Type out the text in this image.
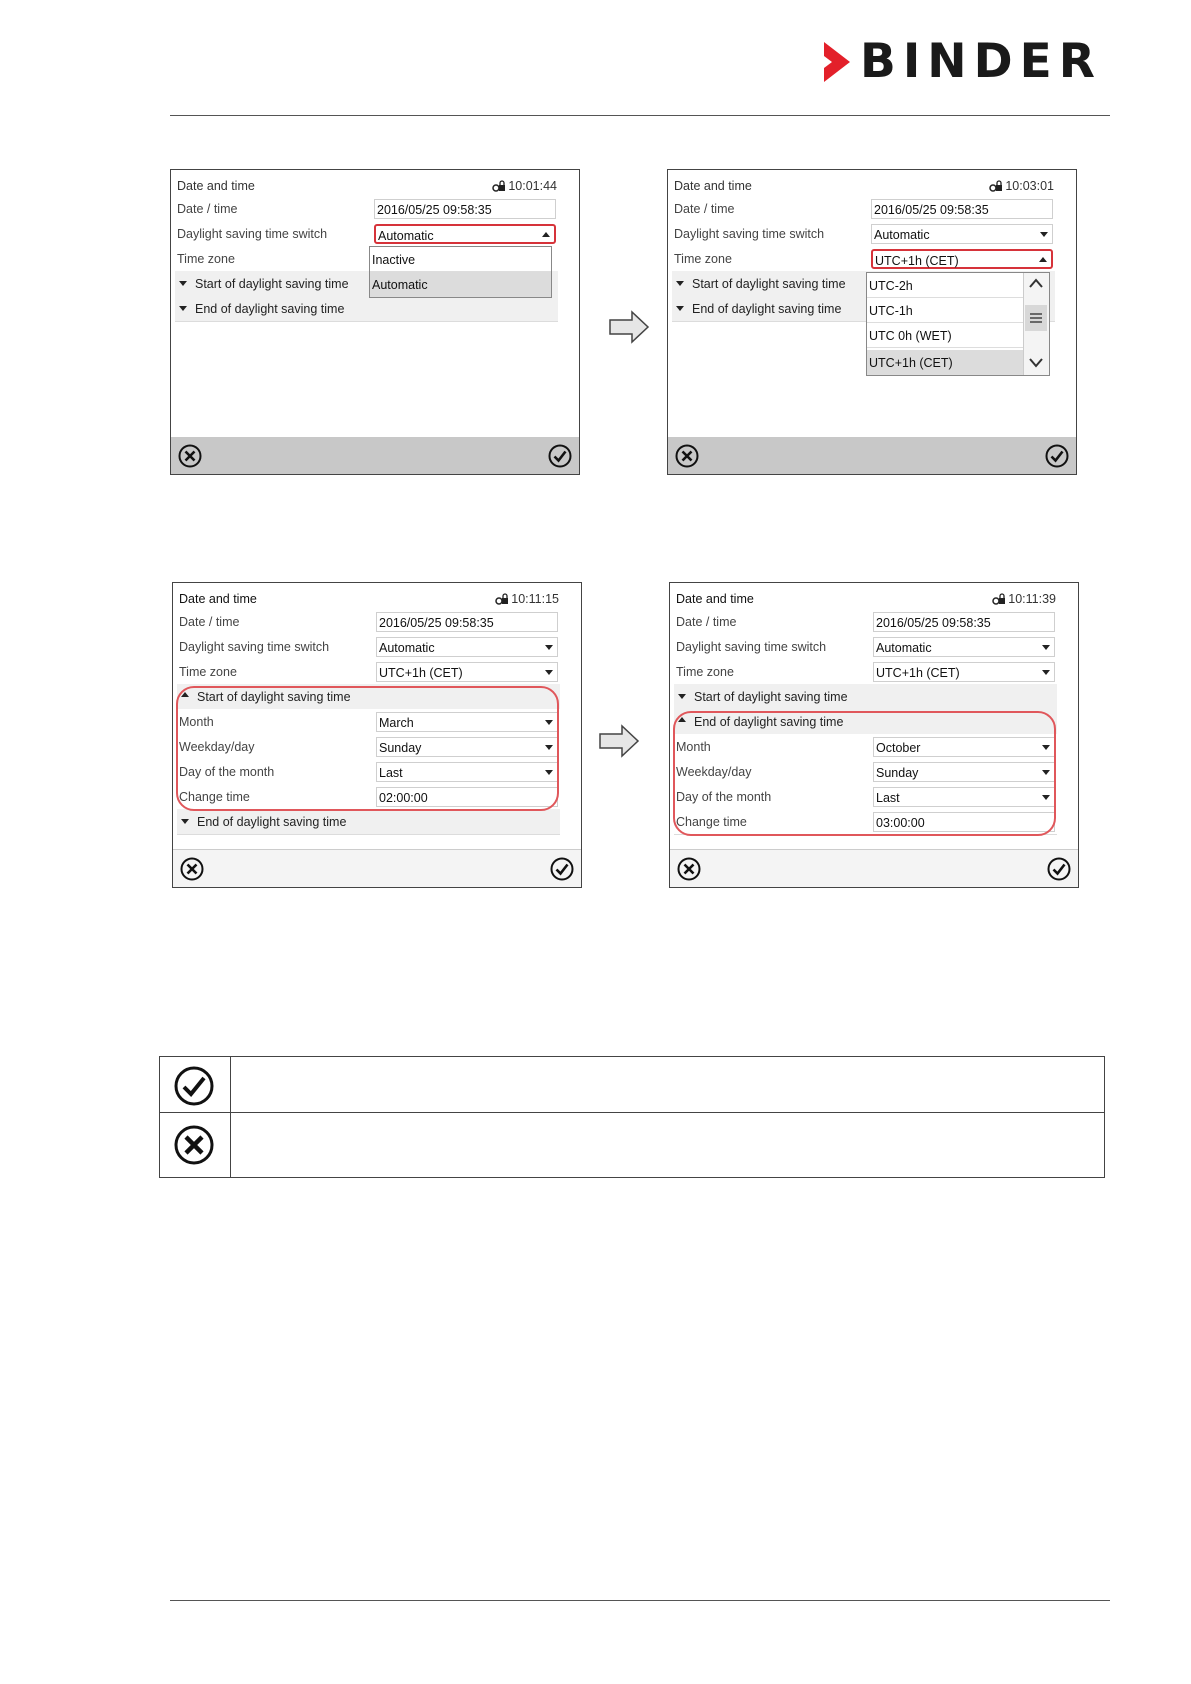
BINDER
Date and time	10:01:44
Date / time	2016/05/25 09:58:35
Daylight saving time switch	Automatic
Time zone
Start of daylight saving time
End of daylight saving time
Inactive
Automatic
Date and time	10:03:01
Date / time	2016/05/25 09:58:35
Daylight saving time switch	Automatic
Time zone	UTC+1h (CET)
Start of daylight saving time
End of daylight saving time
UTC-2h
UTC-1h
UTC 0h (WET)
UTC+1h (CET)
Date and time	10:11:15
Date / time	2016/05/25 09:58:35
Daylight saving time switch	Automatic
Time zone	UTC+1h (CET)
Start of daylight saving time
Month	March
Weekday/day	Sunday
Day of the month	Last
Change time	02:00:00
End of daylight saving time
Date and time	10:11:39
Date / time	2016/05/25 09:58:35
Daylight saving time switch	Automatic
Time zone	UTC+1h (CET)
Start of daylight saving time
End of daylight saving time
Month	October
Weekday/day	Sunday
Day of the month	Last
Change time	03:00:00
